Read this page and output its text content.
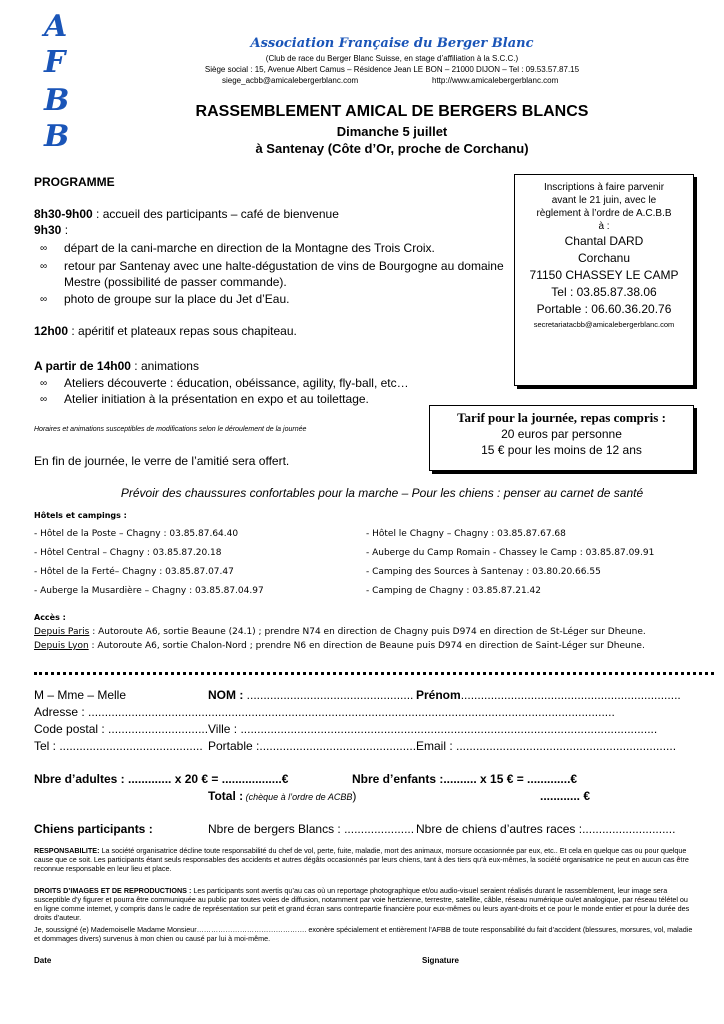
A
F
B
B
Association Française du Berger Blanc
(Club de race du Berger Blanc Suisse, en stage d’affiliation à la S.C.C.)
Siège social : 15, Avenue Albert Camus – Résidence Jean LE BON – 21000 DIJON – Tel : 09.53.57.87.15
siege_acbb@amicalebergerblanc.com	http://www.amicalebergerblanc.com
RASSEMBLEMENT AMICAL DE BERGERS BLANCS
Dimanche 5 juillet
à Santenay (Côte d’Or, proche de Corchanu)
PROGRAMME
8h30-9h00 : accueil des participants – café de bienvenue
9h30 :
∞ départ de la cani-marche en direction de la Montagne des Trois Croix.
∞ retour par Santenay avec une halte-dégustation de vins de Bourgogne au domaine
Mestre (possibilité de passer commande).
∞ photo de groupe sur la place du Jet d’Eau.
12h00 : apéritif et plateaux repas sous chapiteau.
A partir de 14h00 : animations
∞ Ateliers découverte : éducation, obéissance, agility, fly-ball, etc…
∞ Atelier initiation à la présentation en expo et au toilettage.
Horaires et animations susceptibles de modifications selon le déroulement de la journée
En fin de journée, le verre de l’amitié sera offert.
Inscriptions à faire parvenir
avant le 21 juin, avec le
règlement à l’ordre de A.C.B.B
à :
Chantal DARD
Corchanu
71150 CHASSEY LE CAMP
Tel : 03.85.87.38.06
Portable : 06.60.36.20.76
secretariatacbb@amicalebergerblanc.com
Tarif pour la journée, repas compris :
20 euros par personne
15 € pour les moins de 12 ans
Prévoir des chaussures confortables pour la marche – Pour les chiens : penser au carnet de santé
Hôtels et campings :
- Hôtel de la Poste – Chagny : 03.85.87.64.40
- Hôtel Central – Chagny : 03.85.87.20.18
- Hôtel de la Ferté– Chagny : 03.85.87.07.47
- Auberge la Musardière – Chagny : 03.85.87.04.97
- Hôtel le Chagny – Chagny : 03.85.87.67.68
- Auberge du Camp Romain - Chassey le Camp : 03.85.87.09.91
- Camping des Sources à Santenay : 03.80.20.66.55
- Camping de Chagny : 03.85.87.21.42
Accès :
Depuis Paris : Autoroute A6, sortie Beaune (24.1) ; prendre N74 en direction de Chagny puis D974 en direction de St-Léger sur Dheune.
Depuis Lyon : Autoroute A6, sortie Chalon-Nord ; prendre N6 en direction de Beaune puis D974 en direction de Saint-Léger sur Dheune.
M – Mme – Melle	NOM : .................................................. Prénom..................................................................
Adresse : ..............................................................................................................................................................
Code postal : .............................. Ville : .............................................................................................................................
Tel : ........................................... Portable :............................................... Email : ..................................................................
Nbre d’adultes : ............. x 20 € = ..................€	Nbre d’enfants :.......... x 15 € = .............€
Total : (chèque à l’ordre de ACBB)	............ €
Chiens participants :	Nbre de bergers Blancs : ..................... Nbre de chiens d’autres races :............................
RESPONSABILITE: La société organisatrice décline toute responsabilité du chef de vol, perte, fuite, maladie, mort des animaux, morsure occasionnée par eux, etc.. Et cela en quelque cas ou pour quelque cause que ce soit. Les participants étant seuls responsables des accidents et autres dégâts occasionnés par leurs chiens, tant à des tiers qu’à eux-mêmes, la société organisatrice ne peut en aucun cas être reconnue responsable en leur lieu et place.
DROITS D’IMAGES ET DE REPRODUCTIONS : Les participants sont avertis qu’au cas où un reportage photographique et/ou audio-visuel seraient réalisés durant le rassemblement, leur image sera susceptible d’y figurer et pourra être communiquée au public par toutes voies de diffusion, notamment par voie hertzienne, terrestre, satellite, câble, réseau numérique ou/et analogique, par réseau télétel ou en ligne comme internet, y compris dans le cadre de représentation sur petit et grand écran sans contrepartie financière pour eux-mêmes ou leurs ayant-droits et ce pour le monde entier et pour la durée des droits d’auteur.
Je, soussigné (e) Mademoiselle Madame Monsieur………………………………………. exonère spécialement et entièrement l’AFBB de toute responsabilité du fait d’accident (blessures, morsures, vol, maladie et dommages divers) survenus à mon chien ou causé par lui à moi-même.
Date	Signature
